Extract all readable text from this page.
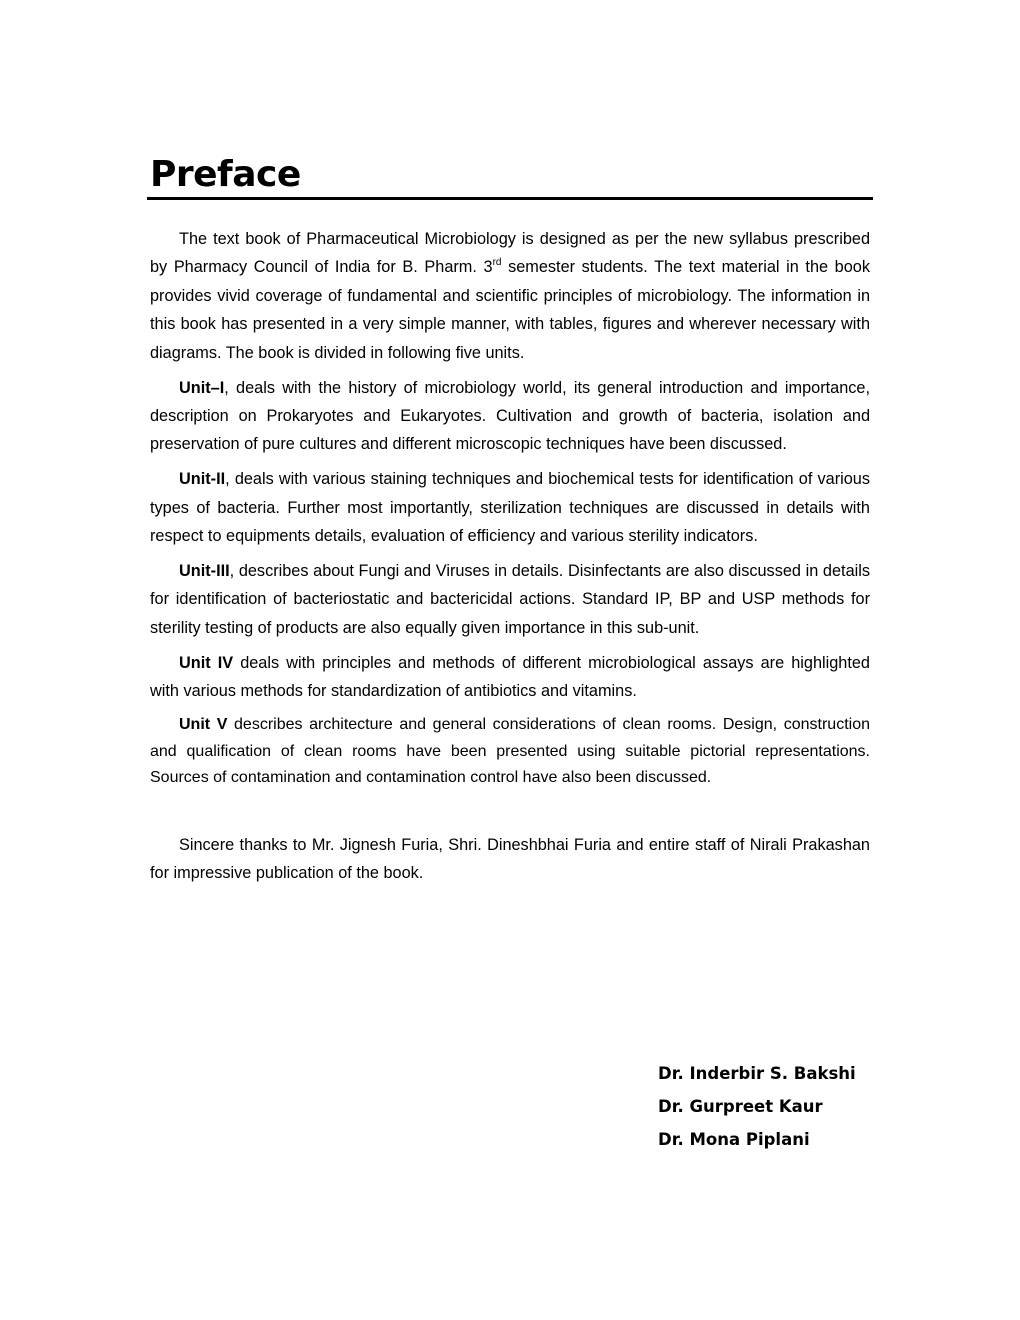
Preface

The text book of Pharmaceutical Microbiology is designed as per the new syllabus prescribed by Pharmacy Council of India for B. Pharm. 3rd semester students. The text material in the book provides vivid coverage of fundamental and scientific principles of microbiology. The information in this book has presented in a very simple manner, with tables, figures and wherever necessary with diagrams. The book is divided in following five units.

Unit–I, deals with the history of microbiology world, its general introduction and importance, description on Prokaryotes and Eukaryotes. Cultivation and growth of bacteria, isolation and preservation of pure cultures and different microscopic techniques have been discussed.

Unit-II, deals with various staining techniques and biochemical tests for identification of various types of bacteria. Further most importantly, sterilization techniques are discussed in details with respect to equipments details, evaluation of efficiency and various sterility indicators.

Unit-III, describes about Fungi and Viruses in details. Disinfectants are also discussed in details for identification of bacteriostatic and bactericidal actions. Standard IP, BP and USP methods for sterility testing of products are also equally given importance in this sub-unit.

Unit IV deals with principles and methods of different microbiological assays are highlighted with various methods for standardization of antibiotics and vitamins.

Unit V describes architecture and general considerations of clean rooms. Design, construction and qualification of clean rooms have been presented using suitable pictorial representations. Sources of contamination and contamination control have also been discussed.

Sincere thanks to Mr. Jignesh Furia, Shri. Dineshbhai Furia and entire staff of Nirali Prakashan for impressive publication of the book.

Dr. Inderbir S. Bakshi
Dr. Gurpreet Kaur
Dr. Mona Piplani
